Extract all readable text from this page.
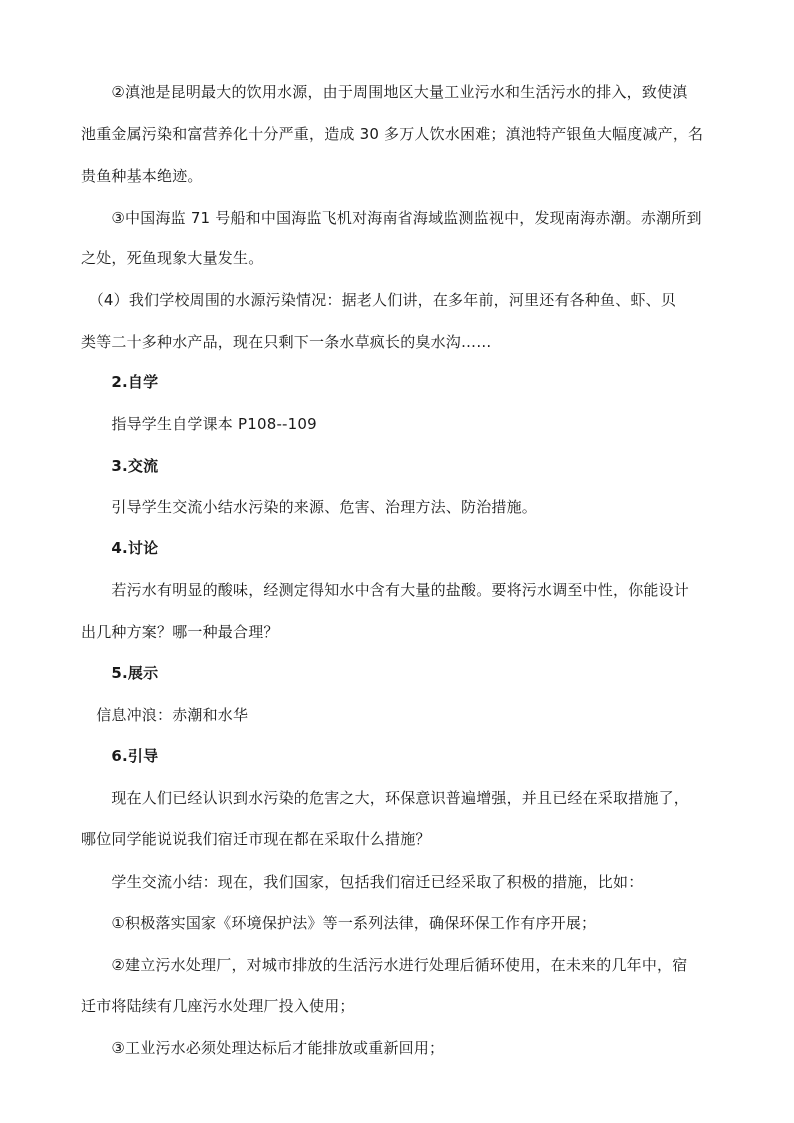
　　②滇池是昆明最大的饮用水源，由于周围地区大量工业污水和生活污水的排入，致使滇
池重金属污染和富营养化十分严重，造成 30 多万人饮水困难；滇池特产银鱼大幅度减产，名
贵鱼种基本绝迹。
　　③中国海监 71 号船和中国海监飞机对海南省海域监测监视中，发现南海赤潮。赤潮所到
之处，死鱼现象大量发生。
　（4）我们学校周围的水源污染情况：据老人们讲，在多年前，河里还有各种鱼、虾、贝
类等二十多种水产品，现在只剩下一条水草疯长的臭水沟……
　　2.自学
　　指导学生自学课本 P108--109
　　3.交流
　　引导学生交流小结水污染的来源、危害、治理方法、防治措施。
　　4.讨论
　　若污水有明显的酸味，经测定得知水中含有大量的盐酸。要将污水调至中性，你能设计
出几种方案？哪一种最合理？
　　5.展示
　信息冲浪：赤潮和水华
　　6.引导
　　现在人们已经认识到水污染的危害之大，环保意识普遍增强，并且已经在采取措施了，
哪位同学能说说我们宿迁市现在都在采取什么措施？
　　学生交流小结：现在，我们国家，包括我们宿迁已经采取了积极的措施，比如：
　　①积极落实国家《环境保护法》等一系列法律，确保环保工作有序开展；
　　②建立污水处理厂，对城市排放的生活污水进行处理后循环使用，在未来的几年中，宿
迁市将陆续有几座污水处理厂投入使用；
　　③工业污水必须处理达标后才能排放或重新回用；
